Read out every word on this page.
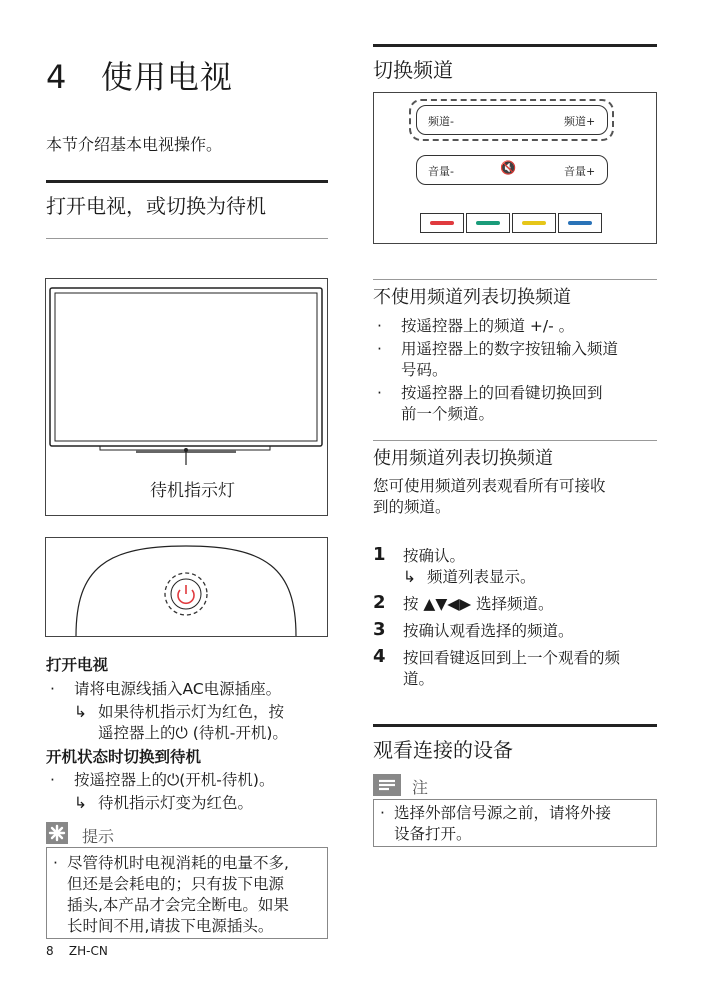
4 使用电视
本节介绍基本电视操作。
打开电视，或切换为待机
待机指示灯
打开电视
· 请将电源线插入AC电源插座。
↳ 如果待机指示灯为红色，按
遥控器上的⏻ (待机-开机)。
开机状态时切换到待机
· 按遥控器上的⏻(开机-待机)。
↳ 待机指示灯变为红色。
提示
· 尽管待机时电视消耗的电量不多,
但还是会耗电的；只有拔下电源
插头,本产品才会完全断电。如果
长时间不用,请拔下电源插头。
8 ZH-CN
切换频道
频道-	频道+
音量-	🔇	音量+
不使用频道列表切换频道
· 按遥控器上的频道 +/- 。
· 用遥控器上的数字按钮输入频道
号码。
· 按遥控器上的回看键切换回到
前一个频道。
使用频道列表切换频道
您可使用频道列表观看所有可接收
到的频道。
1 按确认。
↳ 频道列表显示。
2 按 ▲▼◀▶ 选择频道。
3 按确认观看选择的频道。
4 按回看键返回到上一个观看的频
道。
观看连接的设备
注
· 选择外部信号源之前，请将外接
设备打开。
